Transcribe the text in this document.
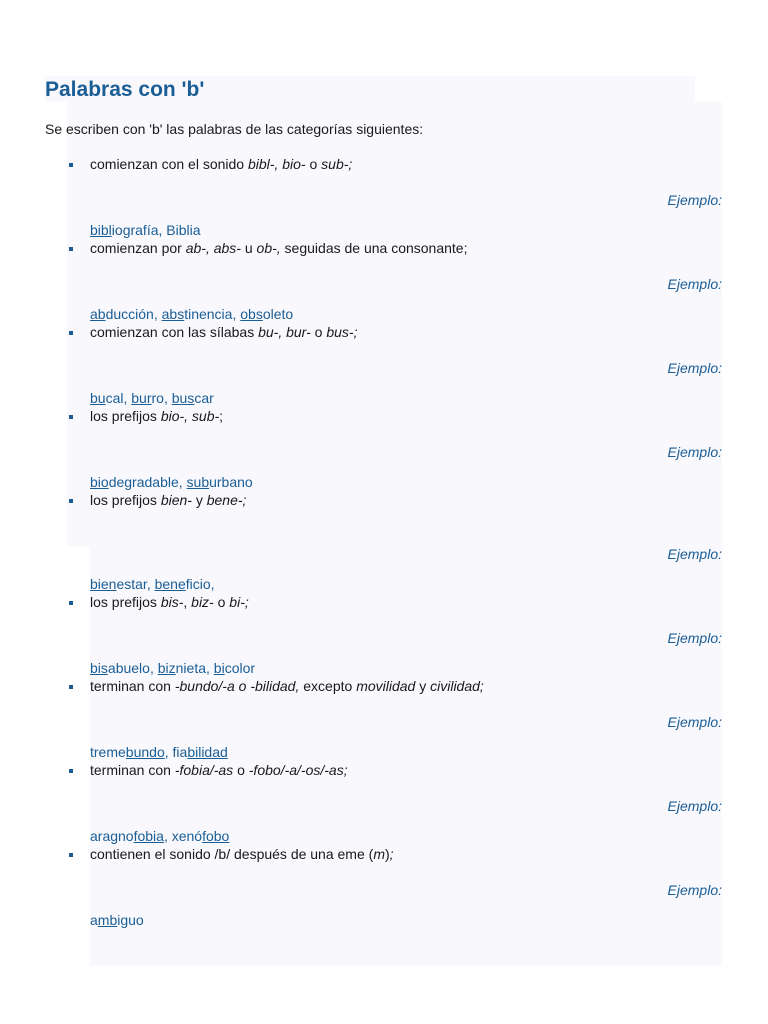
Palabras con 'b'

Se escriben con 'b' las palabras de las categorías siguientes:

comienzan con el sonido bibl-, bio- o sub-;
Ejemplo:
bibliografía, Biblia
comienzan por ab-, abs- u ob-, seguidas de una consonante;
Ejemplo:
abducción, abstinencia, obsoleto
comienzan con las sílabas bu-, bur- o bus-;
Ejemplo:
bucal, burro, buscar
los prefijos bio-, sub-;
Ejemplo:
biodegradable, suburbano
los prefijos bien- y bene-;
Ejemplo:
bienestar, beneficio,
los prefijos bis-, biz- o bi-;
Ejemplo:
bisabuelo, biznieta, bicolor
terminan con -bundo/-a o -bilidad, excepto movilidad y civilidad;
Ejemplo:
tremebundo, fiabilidad
terminan con -fobia/-as o -fobo/-a/-os/-as;
Ejemplo:
aragnofobia, xenófobo
contienen el sonido /b/ después de una eme (m);
Ejemplo:
ambiguo
